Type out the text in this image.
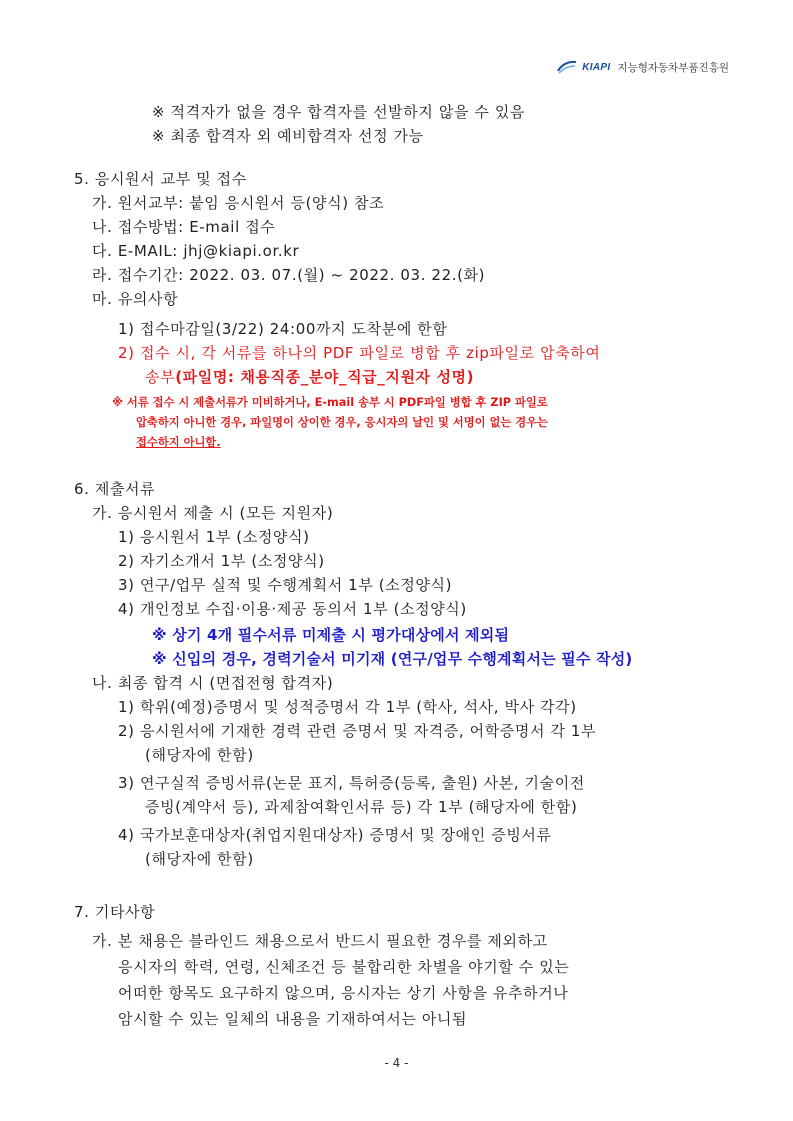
KIAPI 지능형자동차부품진흥원
※ 적격자가 없을 경우 합격자를 선발하지 않을 수 있음
※ 최종 합격자 외 예비합격자 선정 가능
5. 응시원서 교부 및 접수
가. 원서교부: 붙임 응시원서 등(양식) 참조
나. 접수방법: E-mail 접수
다. E-MAIL: jhj@kiapi.or.kr
라. 접수기간: 2022. 03. 07.(월) ~ 2022. 03. 22.(화)
마. 유의사항
1) 접수마감일(3/22) 24:00까지 도착분에 한함
2) 접수 시, 각 서류를 하나의 PDF 파일로 병합 후 zip파일로 압축하여
송부(파일명: 채용직종_분야_직급_지원자 성명)
※ 서류 접수 시 제출서류가 미비하거나, E-mail 송부 시 PDF파일 병합 후 ZIP 파일로
압축하지 아니한 경우, 파일명이 상이한 경우, 응시자의 날인 및 서명이 없는 경우는
접수하지 아니함.
6. 제출서류
가. 응시원서 제출 시 (모든 지원자)
1) 응시원서 1부 (소정양식)
2) 자기소개서 1부 (소정양식)
3) 연구/업무 실적 및 수행계획서 1부 (소정양식)
4) 개인정보 수집·이용·제공 동의서 1부 (소정양식)
※ 상기 4개 필수서류 미제출 시 평가대상에서 제외됨
※ 신입의 경우, 경력기술서 미기재 (연구/업무 수행계획서는 필수 작성)
나. 최종 합격 시 (면접전형 합격자)
1) 학위(예정)증명서 및 성적증명서 각 1부 (학사, 석사, 박사 각각)
2) 응시원서에 기재한 경력 관련 증명서 및 자격증, 어학증명서 각 1부
(해당자에 한함)
3) 연구실적 증빙서류(논문 표지, 특허증(등록, 출원) 사본, 기술이전
증빙(계약서 등), 과제참여확인서류 등) 각 1부 (해당자에 한함)
4) 국가보훈대상자(취업지원대상자) 증명서 및 장애인 증빙서류
(해당자에 한함)
7. 기타사항
가. 본 채용은 블라인드 채용으로서 반드시 필요한 경우를 제외하고
응시자의 학력, 연령, 신체조건 등 불합리한 차별을 야기할 수 있는
어떠한 항목도 요구하지 않으며, 응시자는 상기 사항을 유추하거나
암시할 수 있는 일체의 내용을 기재하여서는 아니됨
- 4 -
